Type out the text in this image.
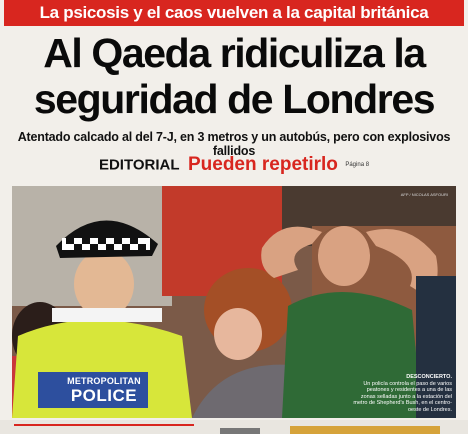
La psicosis y el caos vuelven a la capital británica
Al Qaeda ridiculiza la
seguridad de Londres
Atentado calcado al del 7-J, en 3 metros y un autobús, pero con explosivos fallidos
EDITORIAL Pueden repetirlo Página 8
AFP / NICOLAS ASFOURI
METROPOLITAN
POLICE
DESCONCIERTO.
Un policía controla el paso de varios peatones y residentes a una de las zonas selladas junto a la estación del metro de Shepherd's Bush, en el centro-oeste de Londres.
